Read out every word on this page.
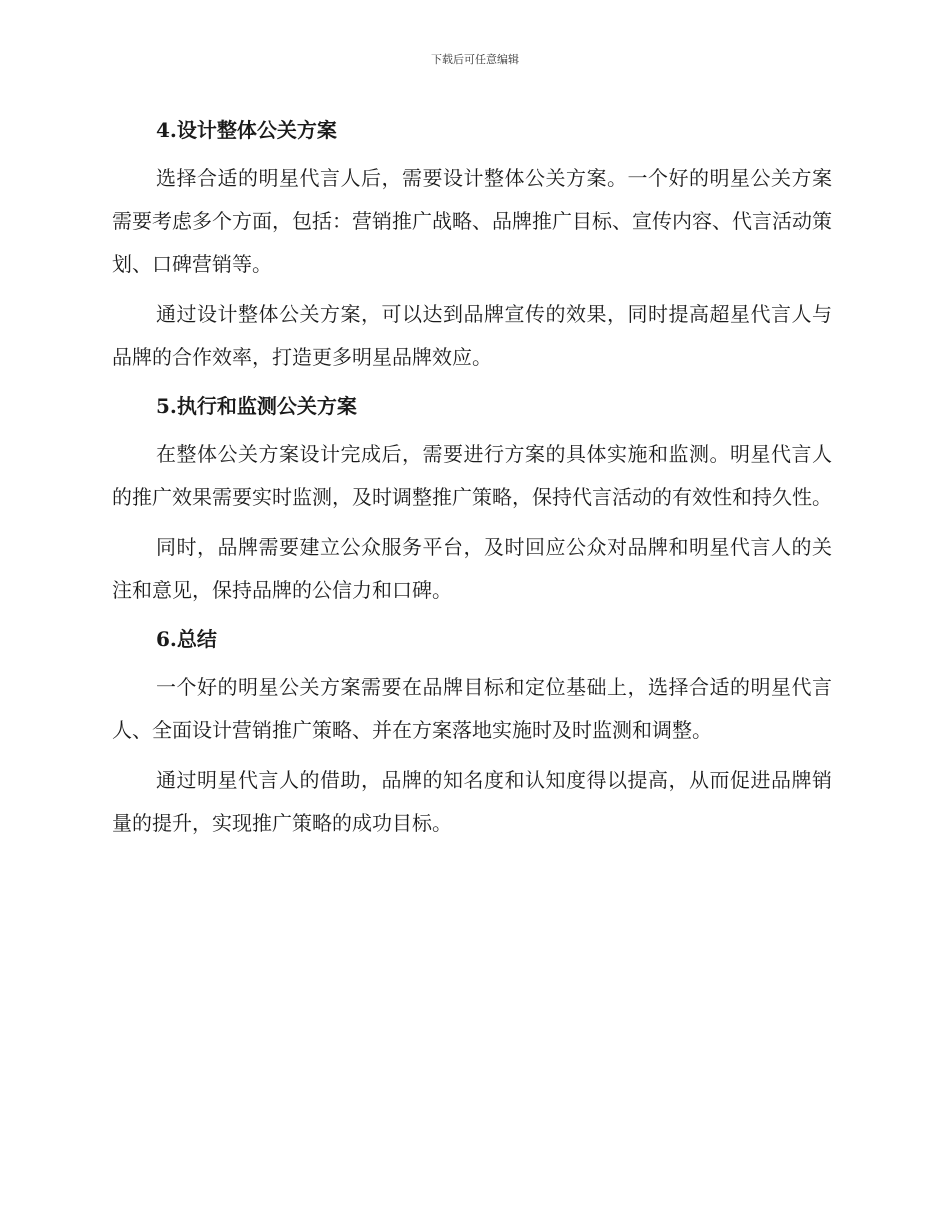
下载后可任意编辑
4.设计整体公关方案
选择合适的明星代言人后，需要设计整体公关方案。一个好的明星公关方案需要考虑多个方面，包括：营销推广战略、品牌推广目标、宣传内容、代言活动策划、口碑营销等。
通过设计整体公关方案，可以达到品牌宣传的效果，同时提高超星代言人与品牌的合作效率，打造更多明星品牌效应。
5.执行和监测公关方案
在整体公关方案设计完成后，需要进行方案的具体实施和监测。明星代言人的推广效果需要实时监测，及时调整推广策略，保持代言活动的有效性和持久性。
同时，品牌需要建立公众服务平台，及时回应公众对品牌和明星代言人的关注和意见，保持品牌的公信力和口碑。
6.总结
一个好的明星公关方案需要在品牌目标和定位基础上，选择合适的明星代言人、全面设计营销推广策略、并在方案落地实施时及时监测和调整。
通过明星代言人的借助，品牌的知名度和认知度得以提高，从而促进品牌销量的提升，实现推广策略的成功目标。
